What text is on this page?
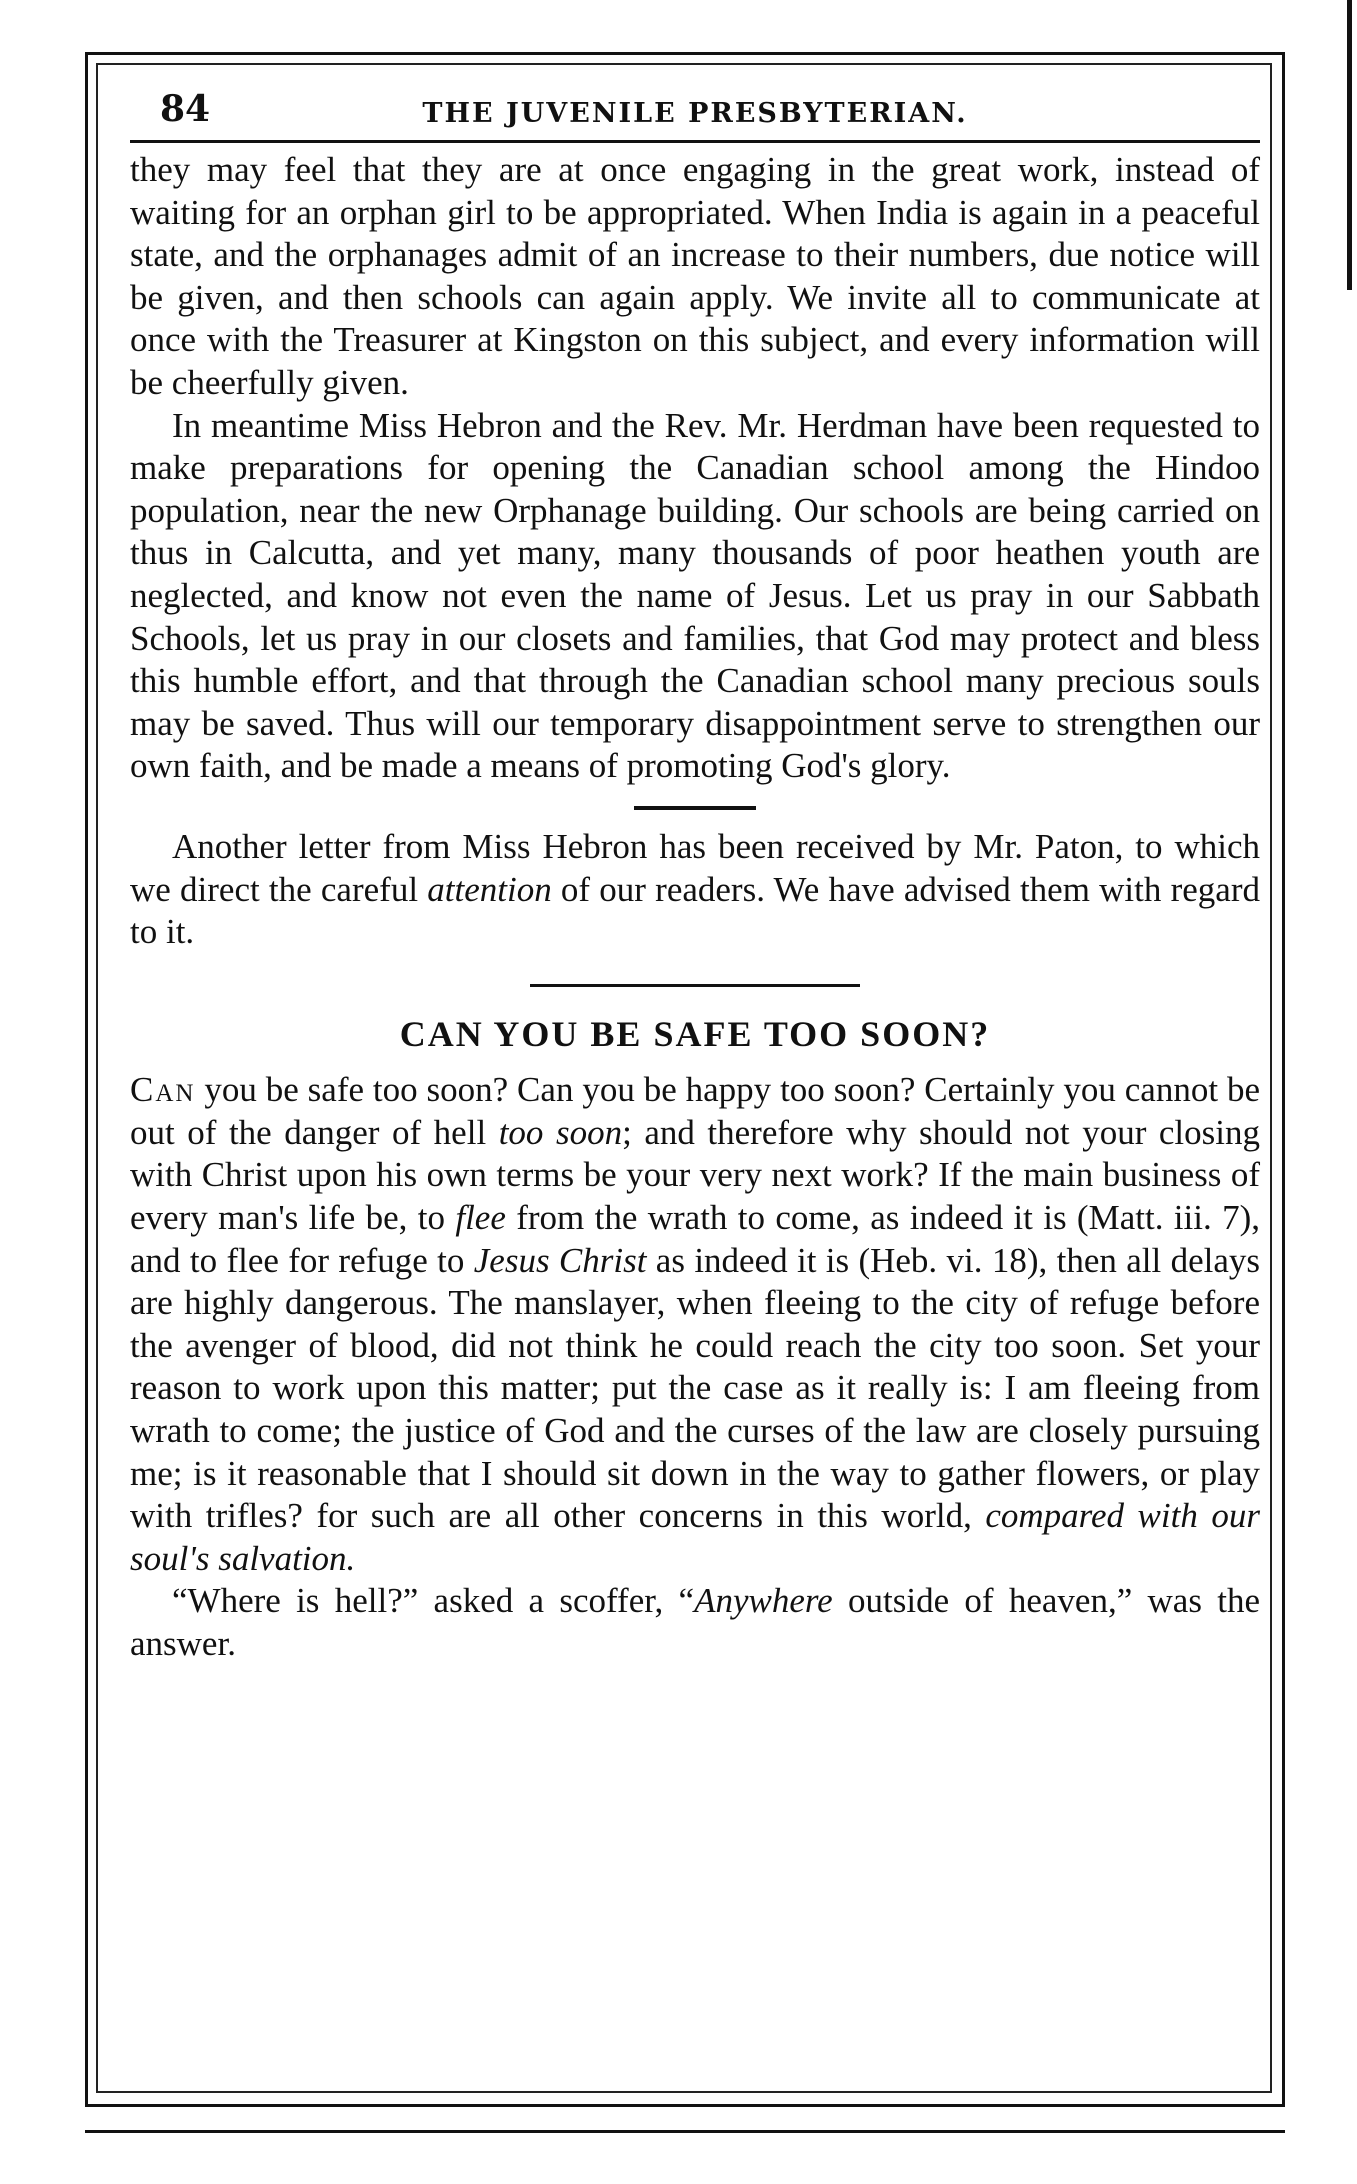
84	THE JUVENILE PRESBYTERIAN.

they may feel that they are at once engaging in the great work, instead of waiting for an orphan girl to be appropriated. When India is again in a peaceful state, and the orphanages admit of an increase to their numbers, due notice will be given, and then schools can again apply. We invite all to communicate at once with the Treasurer at Kingston on this subject, and every information will be cheerfully given.

In meantime Miss Hebron and the Rev. Mr. Herdman have been requested to make preparations for opening the Canadian school among the Hindoo population, near the new Orphanage building. Our schools are being carried on thus in Calcutta, and yet many, many thousands of poor heathen youth are neglected, and know not even the name of Jesus. Let us pray in our Sabbath Schools, let us pray in our closets and families, that God may protect and bless this humble effort, and that through the Canadian school many precious souls may be saved. Thus will our temporary disappointment serve to strengthen our own faith, and be made a means of promoting God's glory.

Another letter from Miss Hebron has been received by Mr. Paton, to which we direct the careful attention of our readers. We have advised them with regard to it.

CAN YOU BE SAFE TOO SOON?

Can you be safe too soon? Can you be happy too soon? Certainly you cannot be out of the danger of hell too soon; and therefore why should not your closing with Christ upon his own terms be your very next work? If the main business of every man's life be, to flee from the wrath to come, as indeed it is (Matt. iii. 7), and to flee for refuge to Jesus Christ as indeed it is (Heb. vi. 18), then all delays are highly dangerous. The manslayer, when fleeing to the city of refuge before the avenger of blood, did not think he could reach the city too soon. Set your reason to work upon this matter; put the case as it really is: I am fleeing from wrath to come; the justice of God and the curses of the law are closely pursuing me; is it reasonable that I should sit down in the way to gather flowers, or play with trifles? for such are all other concerns in this world, compared with our soul's salvation.

“Where is hell?” asked a scoffer, “Anywhere outside of heaven,” was the answer.
